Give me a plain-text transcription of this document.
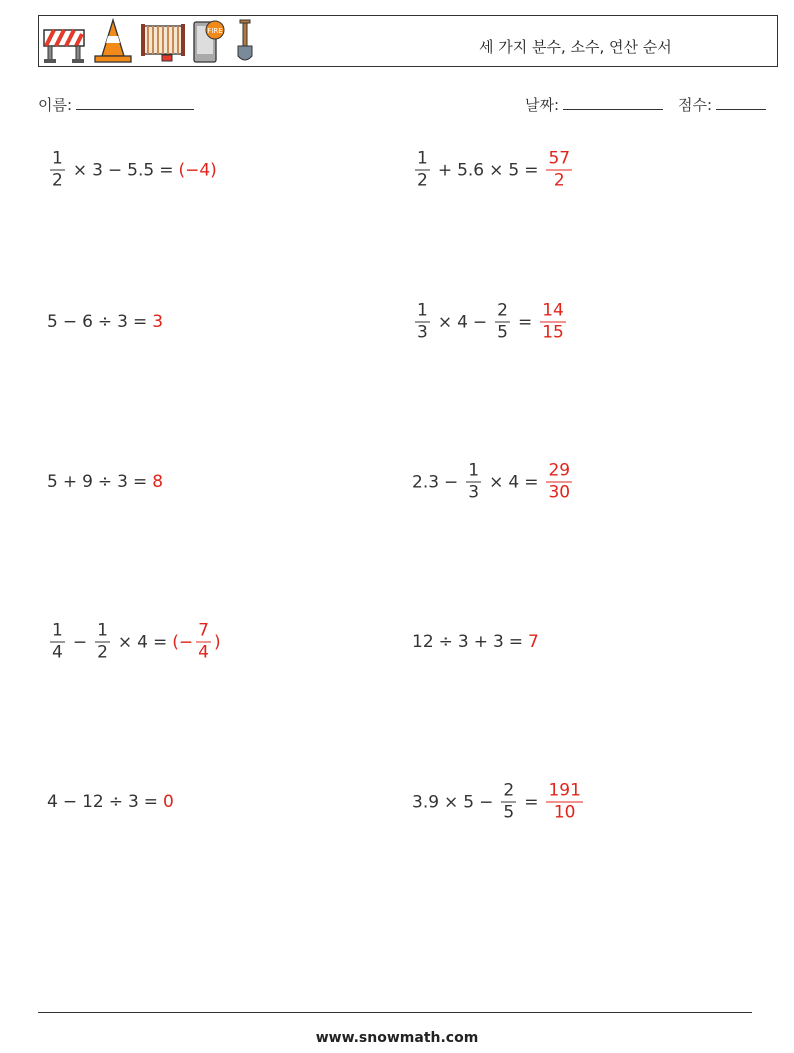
FIRE
세 가지 분수, 소수, 연산 순서
이름:	날짜:	점수:
$\frac{1}{2} \times 3 - 5.5 = (-4)$	$\frac{1}{2} + 5.6 \times 5 = \frac{57}{2}$
5 − 6 ÷ 3 = 3	$\frac{1}{3} \times 4 - \frac{2}{5} = \frac{14}{15}$
5 + 9 ÷ 3 = 8	$2.3 - \frac{1}{3} \times 4 = \frac{29}{30}$
$\frac{1}{4} - \frac{1}{2} \times 4$ = (− $\frac{7}{4}$ )	12 ÷ 3 + 3 = 7
4 − 12 ÷ 3 = 0	$3.9 \times 5 - \frac{2}{5} = \frac{191}{10}$
www.snowmath.com
